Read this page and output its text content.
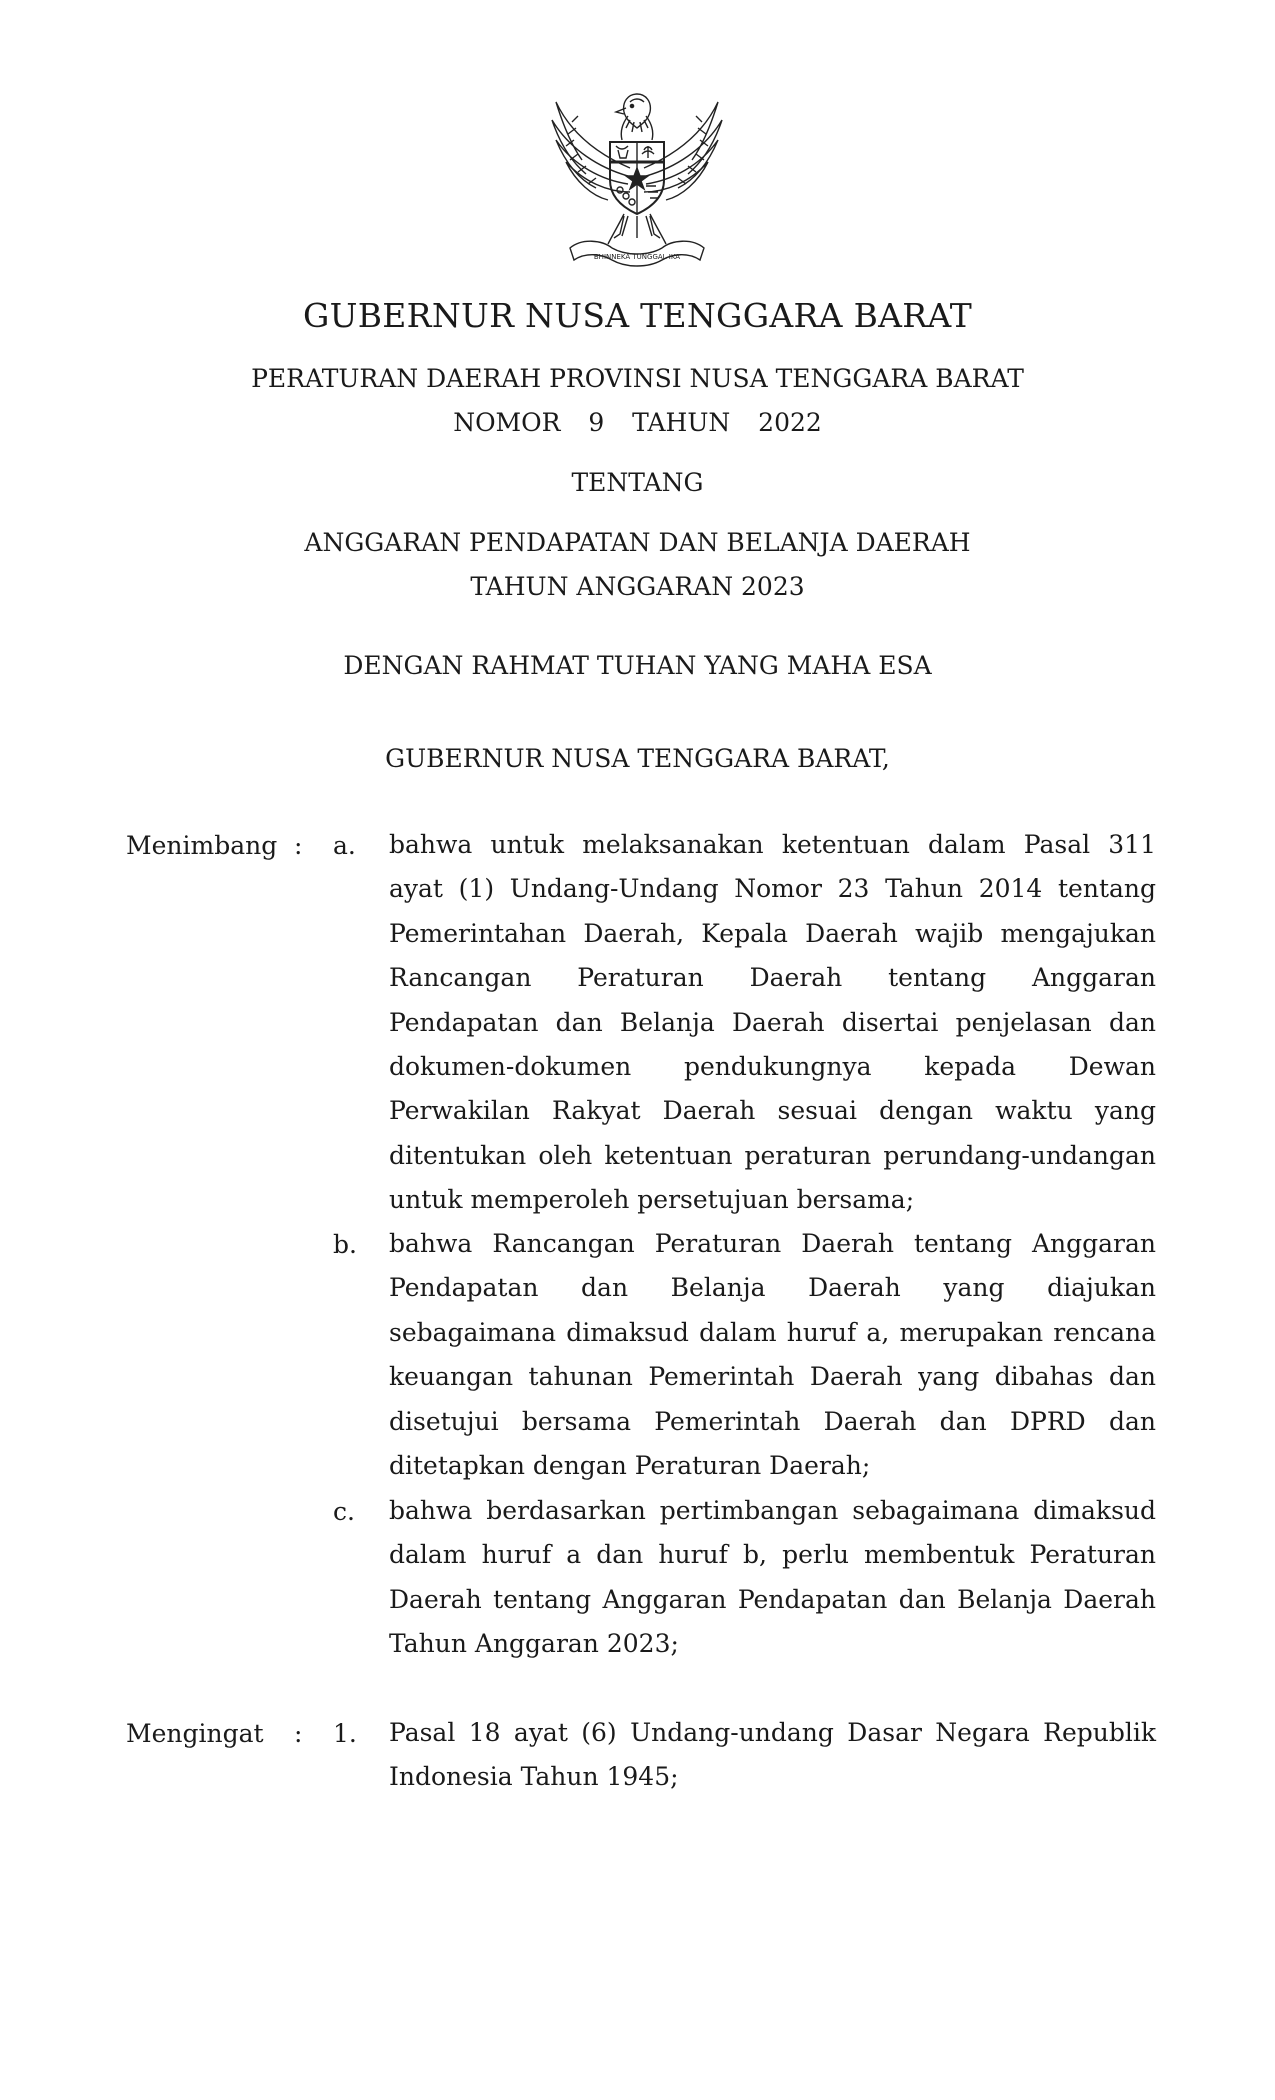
BHINNEKA TUNGGAL IKA
GUBERNUR NUSA TENGGARA BARAT
PERATURAN DAERAH PROVINSI NUSA TENGGARA BARAT
NOMOR  9  TAHUN  2022
TENTANG
ANGGARAN PENDAPATAN DAN BELANJA DAERAH
TAHUN ANGGARAN 2023
DENGAN RAHMAT TUHAN YANG MAHA ESA
GUBERNUR NUSA TENGGARA BARAT,
Menimbang : a. bahwa untuk melaksanakan ketentuan dalam Pasal 311 ayat (1) Undang-Undang Nomor 23 Tahun 2014 tentang Pemerintahan Daerah, Kepala Daerah wajib mengajukan Rancangan Peraturan Daerah tentang Anggaran Pendapatan dan Belanja Daerah disertai penjelasan dan dokumen-dokumen pendukungnya kepada Dewan Perwakilan Rakyat Daerah sesuai dengan waktu yang ditentukan oleh ketentuan peraturan perundang-undangan untuk memperoleh persetujuan bersama;
b. bahwa Rancangan Peraturan Daerah tentang Anggaran Pendapatan dan Belanja Daerah yang diajukan sebagaimana dimaksud dalam huruf a, merupakan rencana keuangan tahunan Pemerintah Daerah yang dibahas dan disetujui bersama Pemerintah Daerah dan DPRD dan ditetapkan dengan Peraturan Daerah;
c. bahwa berdasarkan pertimbangan sebagaimana dimaksud dalam huruf a dan huruf b, perlu membentuk Peraturan Daerah tentang Anggaran Pendapatan dan Belanja Daerah Tahun Anggaran 2023;
Mengingat : 1. Pasal 18 ayat (6) Undang-undang Dasar Negara Republik Indonesia Tahun 1945;
